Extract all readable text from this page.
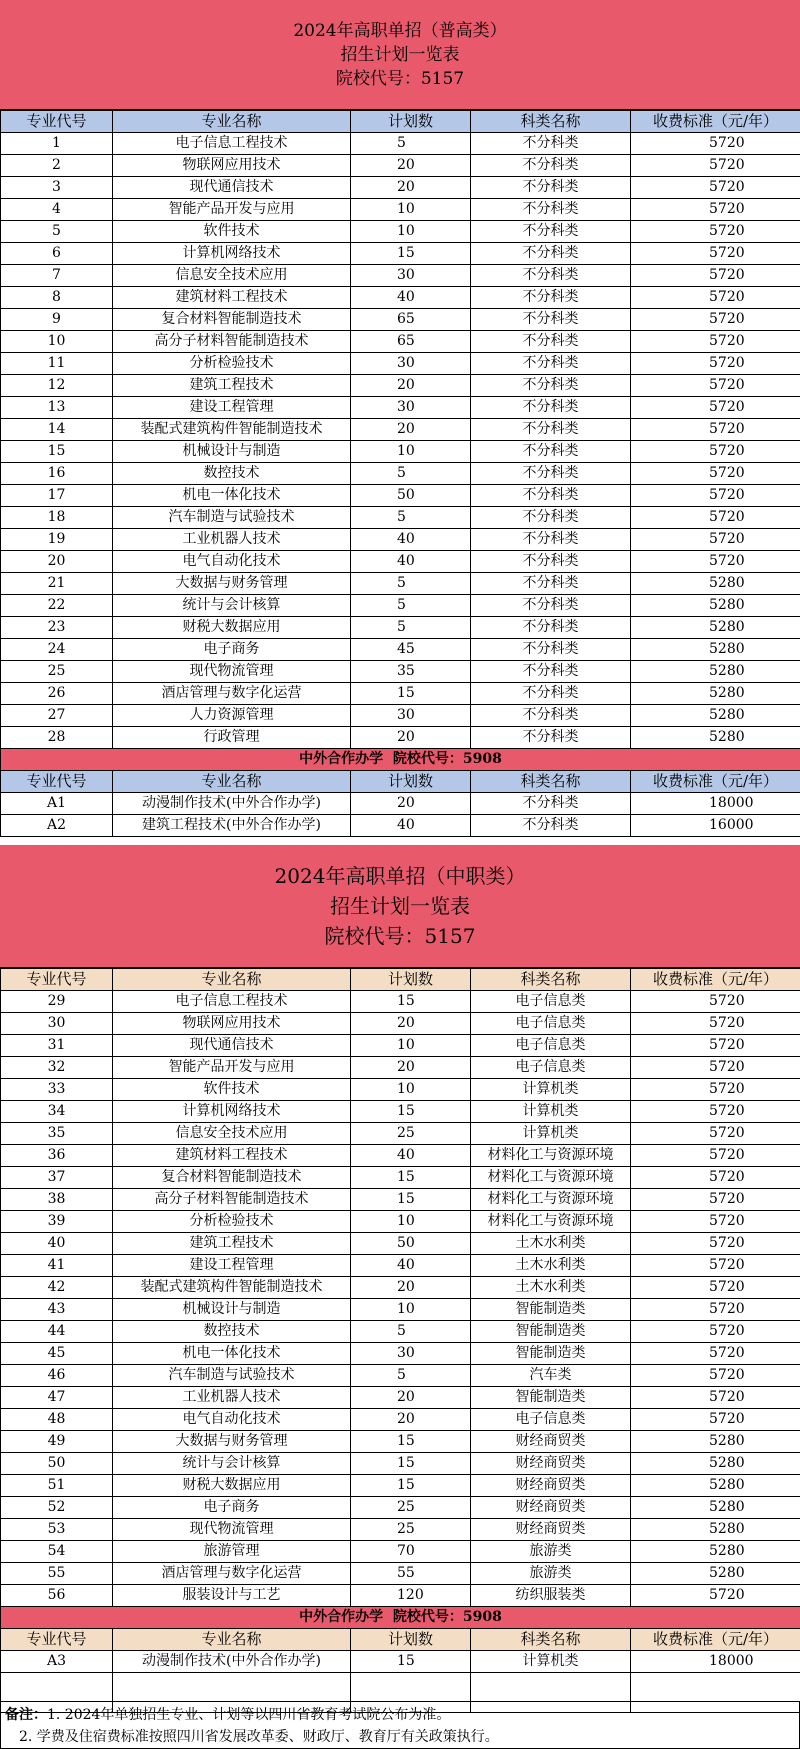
2024年高职单招（普高类）
招生计划一览表
院校代号：5157
专业代号	专业名称	计划数	科类名称	收费标准（元/年）
1	电子信息工程技术	5	不分科类	5720
2	物联网应用技术	20	不分科类	5720
3	现代通信技术	20	不分科类	5720
4	智能产品开发与应用	10	不分科类	5720
5	软件技术	10	不分科类	5720
6	计算机网络技术	15	不分科类	5720
7	信息安全技术应用	30	不分科类	5720
8	建筑材料工程技术	40	不分科类	5720
9	复合材料智能制造技术	65	不分科类	5720
10	高分子材料智能制造技术	65	不分科类	5720
11	分析检验技术	30	不分科类	5720
12	建筑工程技术	20	不分科类	5720
13	建设工程管理	30	不分科类	5720
14	装配式建筑构件智能制造技术	20	不分科类	5720
15	机械设计与制造	10	不分科类	5720
16	数控技术	5	不分科类	5720
17	机电一体化技术	50	不分科类	5720
18	汽车制造与试验技术	5	不分科类	5720
19	工业机器人技术	40	不分科类	5720
20	电气自动化技术	40	不分科类	5720
21	大数据与财务管理	5	不分科类	5280
22	统计与会计核算	5	不分科类	5280
23	财税大数据应用	5	不分科类	5280
24	电子商务	45	不分科类	5280
25	现代物流管理	35	不分科类	5280
26	酒店管理与数字化运营	15	不分科类	5280
27	人力资源管理	30	不分科类	5280
28	行政管理	20	不分科类	5280
中外合作办学  院校代号：5908				
专业代号	专业名称	计划数	科类名称	收费标准（元/年）
A1	动漫制作技术(中外合作办学)	20	不分科类	18000
A2	建筑工程技术(中外合作办学)	40	不分科类	16000
2024年高职单招（中职类）
招生计划一览表
院校代号：5157
专业代号	专业名称	计划数	科类名称	收费标准（元/年）
29	电子信息工程技术	15	电子信息类	5720
30	物联网应用技术	20	电子信息类	5720
31	现代通信技术	10	电子信息类	5720
32	智能产品开发与应用	20	电子信息类	5720
33	软件技术	10	计算机类	5720
34	计算机网络技术	15	计算机类	5720
35	信息安全技术应用	25	计算机类	5720
36	建筑材料工程技术	40	材料化工与资源环境	5720
37	复合材料智能制造技术	15	材料化工与资源环境	5720
38	高分子材料智能制造技术	15	材料化工与资源环境	5720
39	分析检验技术	10	材料化工与资源环境	5720
40	建筑工程技术	50	土木水利类	5720
41	建设工程管理	40	土木水利类	5720
42	装配式建筑构件智能制造技术	20	土木水利类	5720
43	机械设计与制造	10	智能制造类	5720
44	数控技术	5	智能制造类	5720
45	机电一体化技术	30	智能制造类	5720
46	汽车制造与试验技术	5	汽车类	5720
47	工业机器人技术	20	智能制造类	5720
48	电气自动化技术	20	电子信息类	5720
49	大数据与财务管理	15	财经商贸类	5280
50	统计与会计核算	15	财经商贸类	5280
51	财税大数据应用	15	财经商贸类	5280
52	电子商务	25	财经商贸类	5280
53	现代物流管理	25	财经商贸类	5280
54	旅游管理	70	旅游类	5280
55	酒店管理与数字化运营	55	旅游类	5280
56	服装设计与工艺	120	纺织服装类	5720
中外合作办学  院校代号：5908				
专业代号	专业名称	计划数	科类名称	收费标准（元/年）
A3	动漫制作技术(中外合作办学)	15	计算机类	18000

备注：1. 2024年单独招生专业、计划等以四川省教育考试院公布为准。
2. 学费及住宿费标准按照四川省发展改革委、财政厅、教育厅有关政策执行。
